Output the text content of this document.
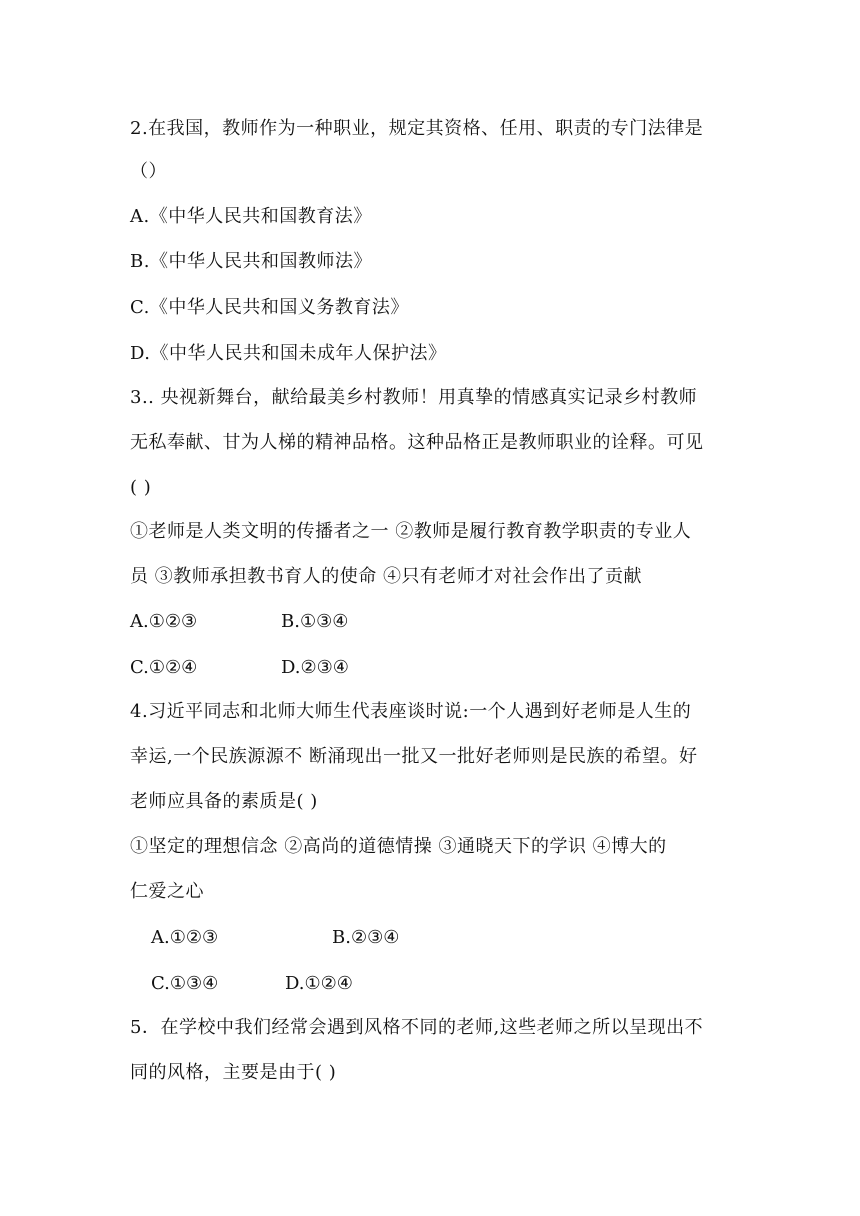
2.在我国，教师作为一种职业，规定其资格、任用、职责的专门法律是
（）
A.《中华人民共和国教育法》
B.《中华人民共和国教师法》
C.《中华人民共和国义务教育法》
D.《中华人民共和国未成年人保护法》
3.. 央视新舞台，献给最美乡村教师！用真挚的情感真实记录乡村教师
无私奉献、甘为人梯的精神品格。这种品格正是教师职业的诠释。可见
( )
①老师是人类文明的传播者之一 ②教师是履行教育教学职责的专业人
员 ③教师承担教书育人的使命 ④只有老师才对社会作出了贡献
A.①②③	B.①③④
C.①②④	D.②③④
4.习近平同志和北师大师生代表座谈时说:一个人遇到好老师是人生的
幸运,一个民族源源不 断涌现出一批又一批好老师则是民族的希望。好
老师应具备的素质是( )
①坚定的理想信念 ②高尚的道德情操 ③通晓天下的学识 ④博大的
仁爱之心
A.①②③	B.②③④
C.①③④	D.①②④
5．在学校中我们经常会遇到风格不同的老师,这些老师之所以呈现出不
同的风格，主要是由于( )
